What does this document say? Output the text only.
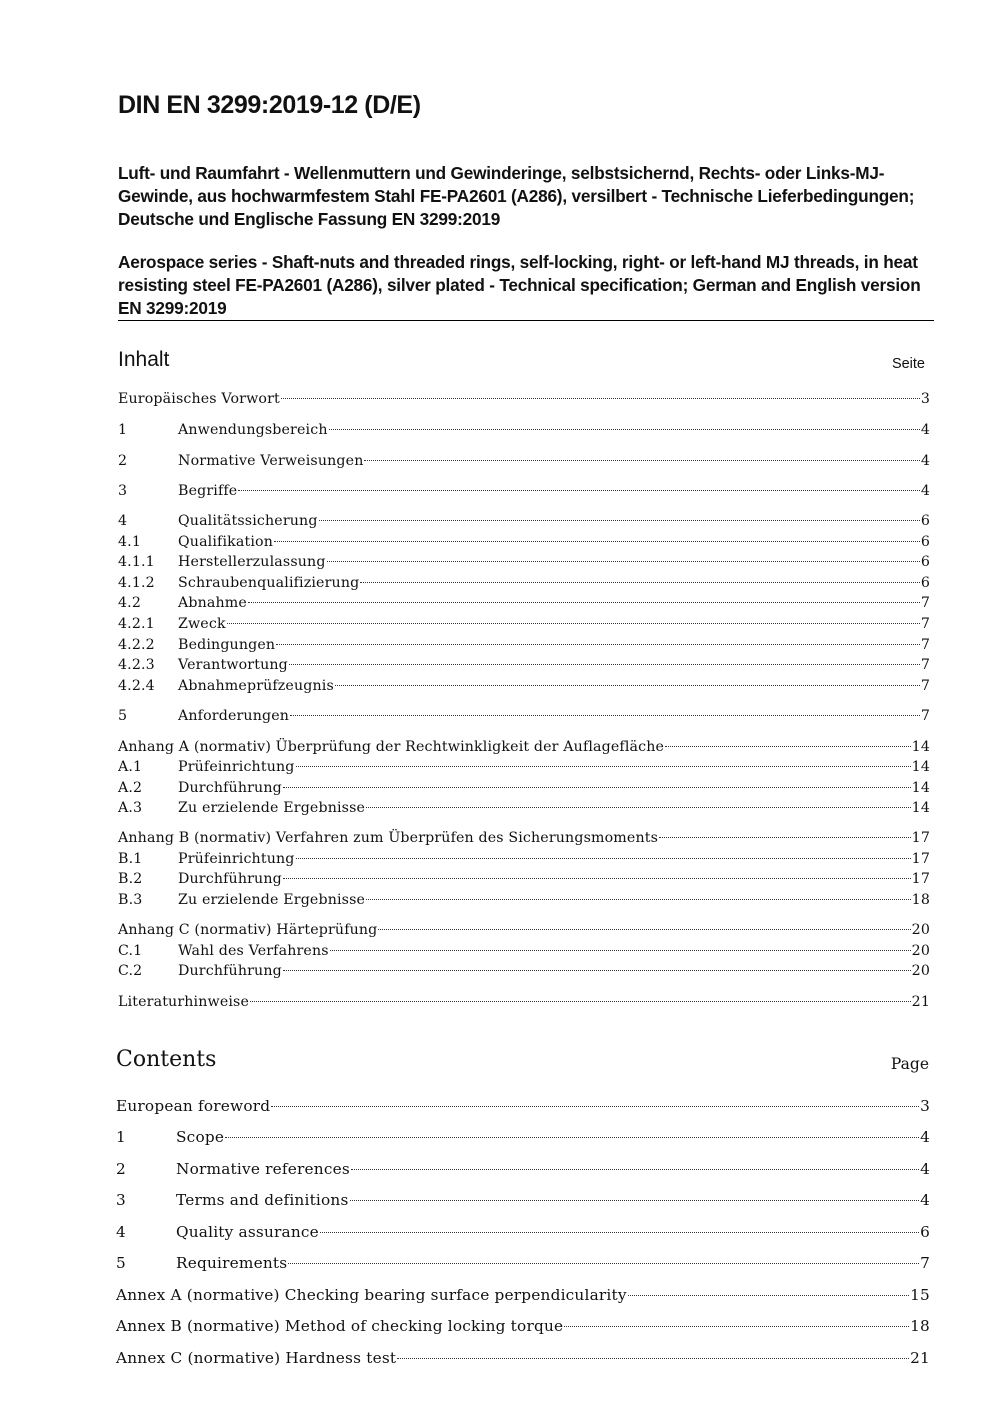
DIN EN 3299:2019-12 (D/E)
Luft- und Raumfahrt - Wellenmuttern und Gewinderinge, selbstsichernd, Rechts- oder Links-MJ-Gewinde, aus hochwarmfestem Stahl FE-PA2601 (A286), versilbert - Technische Lieferbedingungen; Deutsche und Englische Fassung EN 3299:2019
Aerospace series - Shaft-nuts and threaded rings, self-locking, right- or left-hand MJ threads, in heat resisting steel FE-PA2601 (A286), silver plated - Technical specification; German and English version EN 3299:2019
Inhalt	Seite
Europäisches Vorwort	3
1	Anwendungsbereich	4
2	Normative Verweisungen	4
3	Begriffe	4
4	Qualitätssicherung	6
4.1	Qualifikation	6
4.1.1	Herstellerzulassung	6
4.1.2	Schraubenqualifizierung	6
4.2	Abnahme	7
4.2.1	Zweck	7
4.2.2	Bedingungen	7
4.2.3	Verantwortung	7
4.2.4	Abnahmeprüfzeugnis	7
5	Anforderungen	7
Anhang A (normativ) Überprüfung der Rechtwinkligkeit der Auflagefläche	14
A.1	Prüfeinrichtung	14
A.2	Durchführung	14
A.3	Zu erzielende Ergebnisse	14
Anhang B (normativ) Verfahren zum Überprüfen des Sicherungsmoments	17
B.1	Prüfeinrichtung	17
B.2	Durchführung	17
B.3	Zu erzielende Ergebnisse	18
Anhang C (normativ) Härteprüfung	20
C.1	Wahl des Verfahrens	20
C.2	Durchführung	20
Literaturhinweise	21
Contents	Page
European foreword	3
1	Scope	4
2	Normative references	4
3	Terms and definitions	4
4	Quality assurance	6
5	Requirements	7
Annex A (normative) Checking bearing surface perpendicularity	15
Annex B (normative) Method of checking locking torque	18
Annex C (normative) Hardness test	21
